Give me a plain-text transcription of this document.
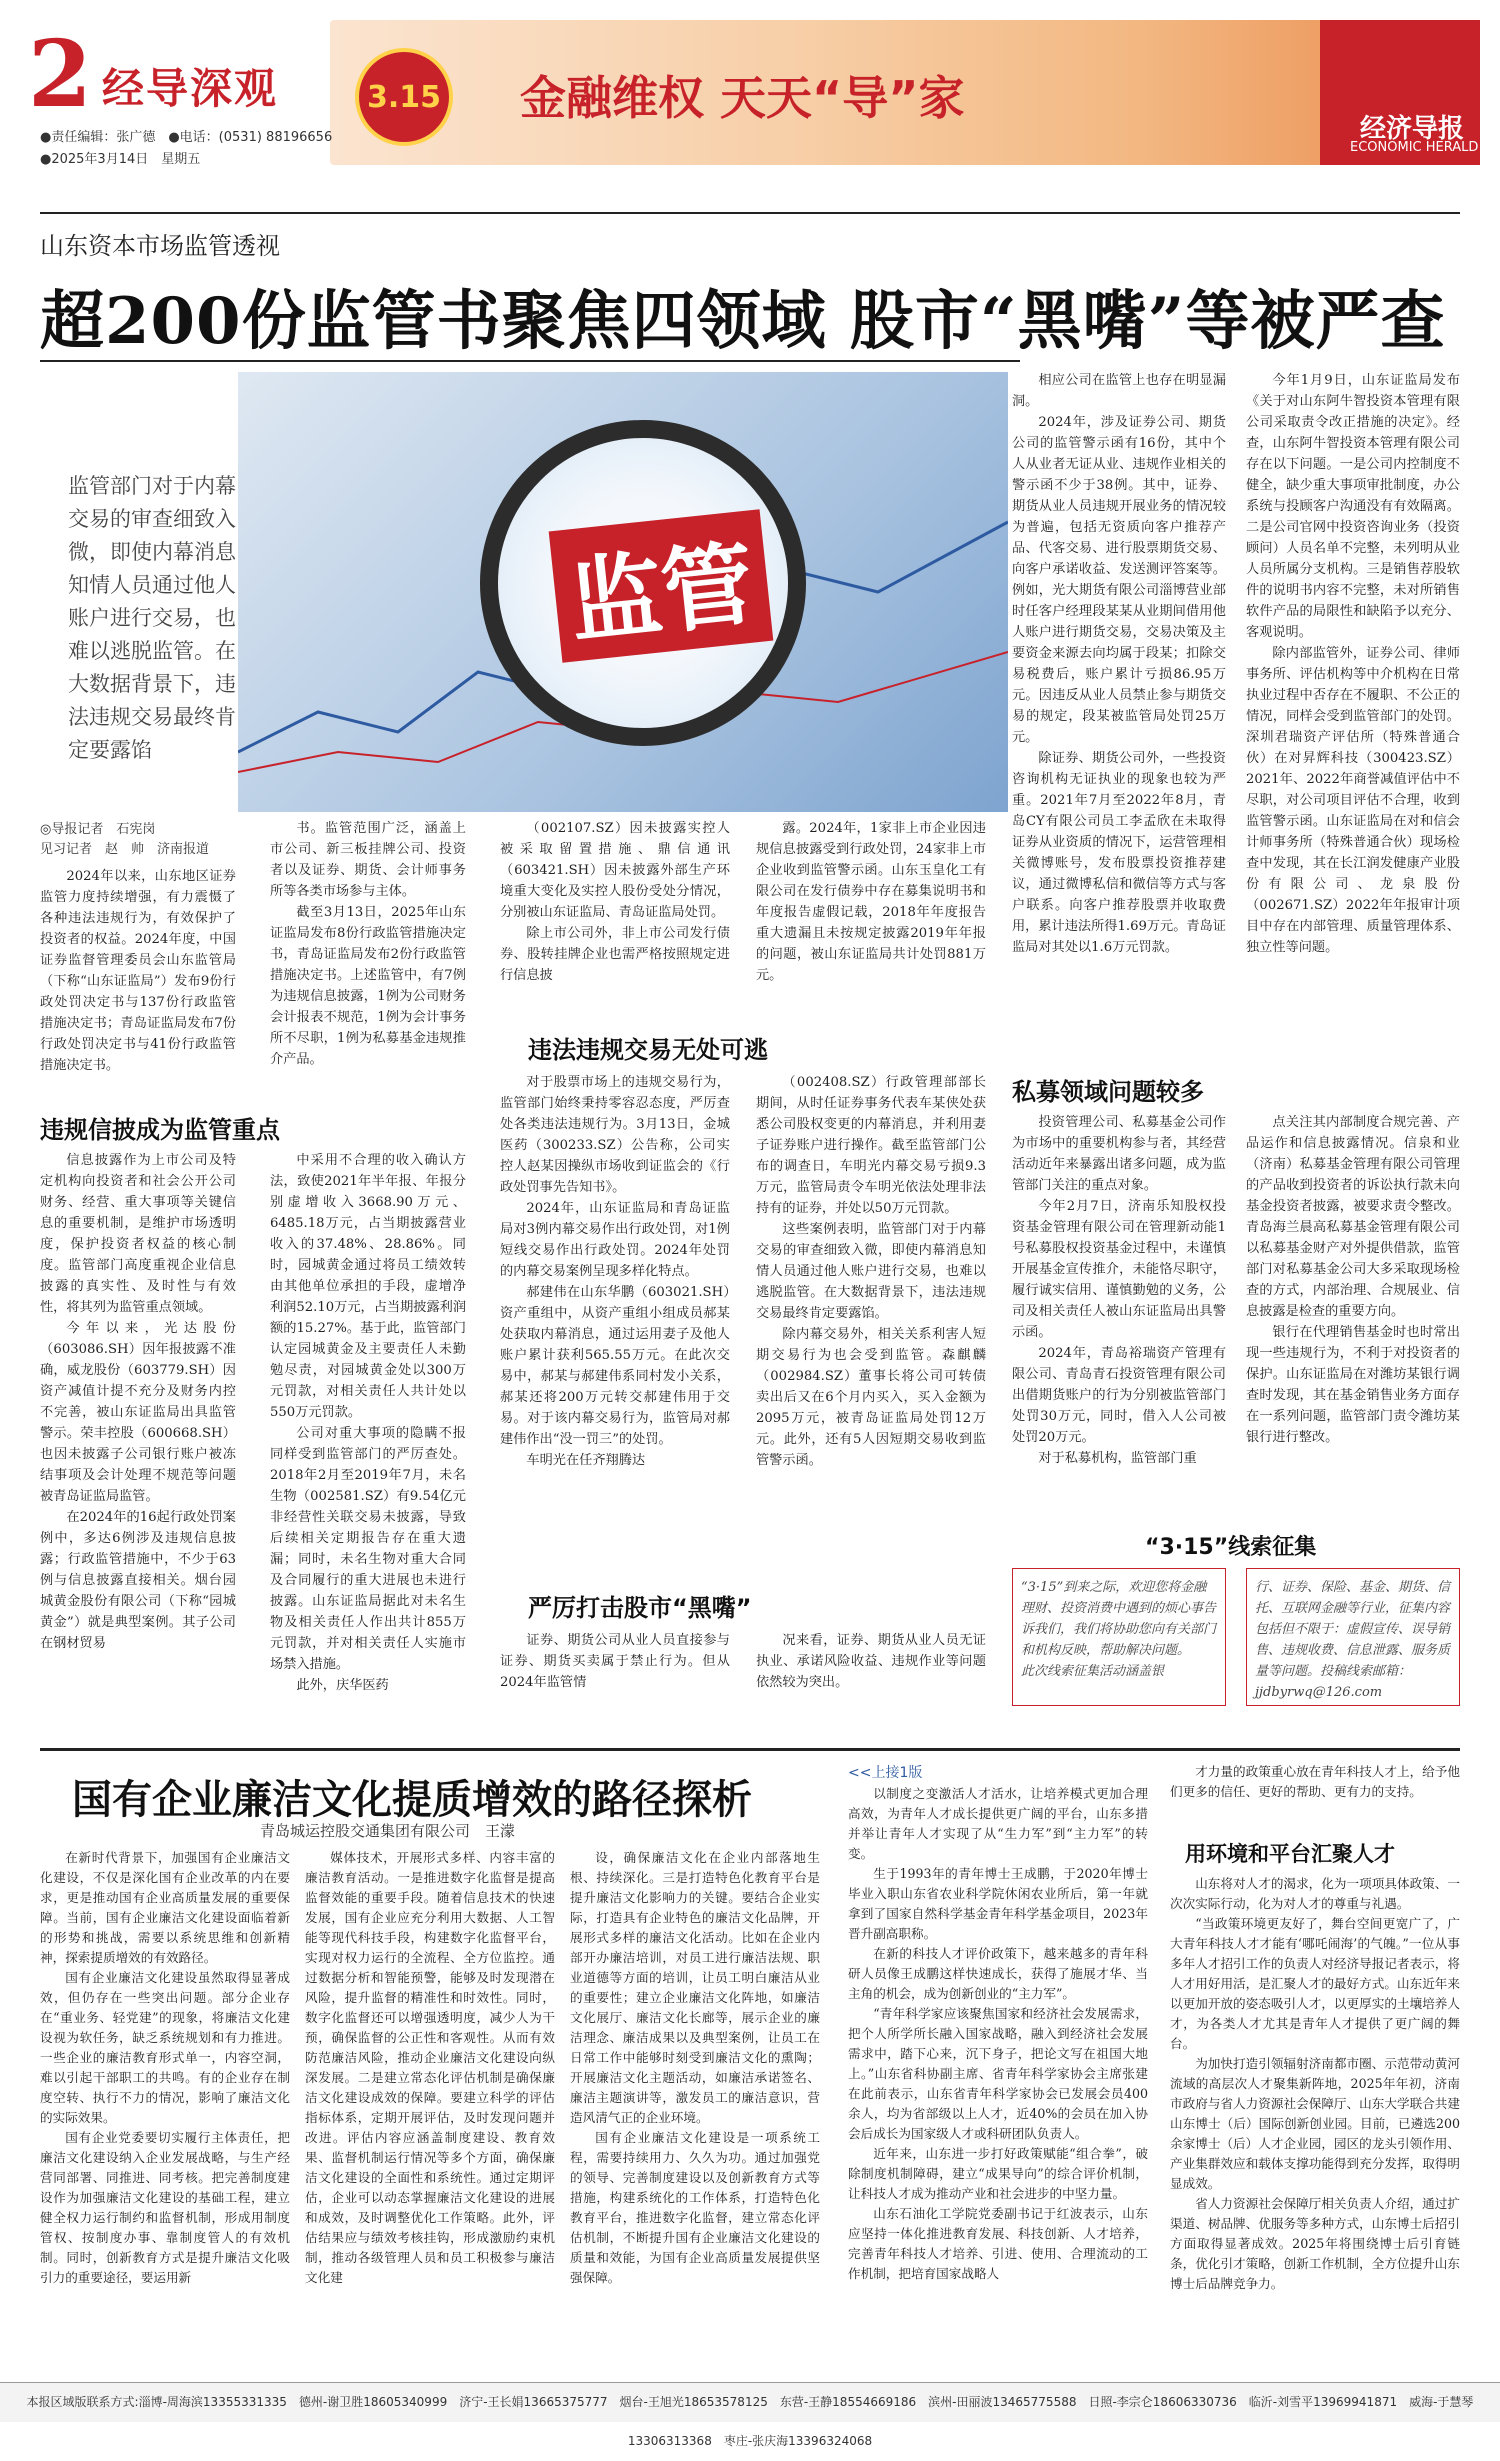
2 经导深观
●责任编辑：张广德　●电话：(0531) 88196656
●2025年3月14日　星期五
3.15 金融维权 天天“导”家
经济导报
ECONOMIC HERALD
山东资本市场监管透视
超200份监管书聚焦四领域 股市“黑嘴”等被严查
监管
监管部门对于内幕交易的审查细致入微，即使内幕消息知情人员通过他人账户进行交易，也难以逃脱监管。在大数据背景下，违法违规交易最终肯定要露馅
◎导报记者　石宪岗
见习记者　赵　帅　济南报道

2024年以来，山东地区证券监管力度持续增强，有力震慑了各种违法违规行为，有效保护了投资者的权益。2024年度，中国证券监督管理委员会山东监管局（下称“山东证监局”）发布9份行政处罚决定书与137份行政监管措施决定书；青岛证监局发布7份行政处罚决定书与41份行政监管措施决定书。

违规信披成为监管重点

信息披露作为上市公司及特定机构向投资者和社会公开公司财务、经营、重大事项等关键信息的重要机制，是维护市场透明度，保护投资者权益的核心制度。监管部门高度重视企业信息披露的真实性、及时性与有效性，将其列为监管重点领域。

今年以来，光达股份（603086.SH）因年报披露不准确，威龙股份（603779.SH）因资产减值计提不充分及财务内控不完善，被山东证监局出具监管警示。荣丰控股（600668.SH）也因未披露子公司银行账户被冻结事项及会计处理不规范等问题被青岛证监局监管。

在2024年的16起行政处罚案例中，多达6例涉及违规信息披露；行政监管措施中，不少于63例与信息披露直接相关。烟台园城黄金股份有限公司（下称“园城黄金”）就是典型案例。其子公司在钢材贸易

书。监管范围广泛，涵盖上市公司、新三板挂牌公司、投资者以及证券、期货、会计师事务所等各类市场参与主体。

截至3月13日，2025年山东证监局发布8份行政监管措施决定书，青岛证监局发布2份行政监管措施决定书。上述监管中，有7例为违规信息披露，1例为公司财务会计报表不规范，1例为会计事务所不尽职，1例为私募基金违规推介产品。

中采用不合理的收入确认方法，致使2021年半年报、年报分别虚增收入3668.90万元、6485.18万元，占当期披露营业收入的37.48%、28.86%。同时，园城黄金通过将员工绩效转由其他单位承担的手段，虚增净利润52.10万元，占当期披露利润额的15.27%。基于此，监管部门认定园城黄金及主要责任人未勤勉尽责，对园城黄金处以300万元罚款，对相关责任人共计处以550万元罚款。

公司对重大事项的隐瞒不报同样受到监管部门的严厉查处。2018年2月至2019年7月，未名生物（002581.SZ）有9.54亿元非经营性关联交易未披露，导致后续相关定期报告存在重大遗漏；同时，未名生物对重大合同及合同履行的重大进展也未进行披露。山东证监局据此对未名生物及相关责任人作出共计855万元罚款，并对相关责任人实施市场禁入措施。

此外，庆华医药

（002107.SZ）因未披露实控人被采取留置措施、鼎信通讯（603421.SH）因未披露外部生产环境重大变化及实控人股份受处分情况，分别被山东证监局、青岛证监局处罚。

除上市公司外，非上市公司发行债券、股转挂牌企业也需严格按照规定进行信息披

违法违规交易无处可逃

对于股票市场上的违规交易行为，监管部门始终秉持零容忍态度，严厉查处各类违法违规行为。3月13日，金城医药（300233.SZ）公告称，公司实控人赵某因操纵市场收到证监会的《行政处罚事先告知书》。

2024年，山东证监局和青岛证监局对3例内幕交易作出行政处罚，对1例短线交易作出行政处罚。2024年处罚的内幕交易案例呈现多样化特点。

郝建伟在山东华鹏（603021.SH）资产重组中，从资产重组小组成员郝某处获取内幕消息，通过运用妻子及他人账户累计获利565.55万元。在此次交易中，郝某与郝建伟系同村发小关系，郝某还将200万元转交郝建伟用于交易。对于该内幕交易行为，监管局对郝建伟作出“没一罚三”的处罚。

车明光在任齐翔腾达

严厉打击股市“黑嘴”

证券、期货公司从业人员直接参与证券、期货买卖属于禁止行为。但从2024年监管情

露。2024年，1家非上市企业因违规信息披露受到行政处罚，24家非上市企业收到监管警示函。山东玉皇化工有限公司在发行债券中存在募集说明书和年度报告虚假记载，2018年年度报告重大遗漏且未按规定披露2019年年报的问题，被山东证监局共计处罚881万元。

（002408.SZ）行政管理部部长期间，从时任证券事务代表车某侠处获悉公司股权变更的内幕消息，并利用妻子证券账户进行操作。截至监管部门公布的调查日，车明光内幕交易亏损9.3万元，监管局责令车明光依法处理非法持有的证券，并处以50万元罚款。

这些案例表明，监管部门对于内幕交易的审查细致入微，即使内幕消息知情人员通过他人账户进行交易，也难以逃脱监管。在大数据背景下，违法违规交易最终肯定要露馅。

除内幕交易外，相关关系利害人短期交易行为也会受到监管。森麒麟（002984.SZ）董事长将公司可转债卖出后又在6个月内买入，买入金额为2095万元，被青岛证监局处罚12万元。此外，还有5人因短期交易收到监管警示函。

况来看，证券、期货从业人员无证执业、承诺风险收益、违规作业等问题依然较为突出。

相应公司在监管上也存在明显漏洞。

2024年，涉及证券公司、期货公司的监管警示函有16份，其中个人从业者无证从业、违规作业相关的警示函不少于38例。其中，证券、期货从业人员违规开展业务的情况较为普遍，包括无资质向客户推荐产品、代客交易、进行股票期货交易、向客户承诺收益、发送测评答案等。例如，光大期货有限公司淄博营业部时任客户经理段某某从业期间借用他人账户进行期货交易，交易决策及主要资金来源去向均属于段某；扣除交易税费后，账户累计亏损86.95万元。因违反从业人员禁止参与期货交易的规定，段某被监管局处罚25万元。

除证券、期货公司外，一些投资咨询机构无证执业的现象也较为严重。2021年7月至2022年8月，青岛CY有限公司员工李孟欣在未取得证券从业资质的情况下，运营管理相关微博账号，发布股票投资推荐建议，通过微博私信和微信等方式与客户联系。向客户推荐股票并收取费用，累计违法所得1.69万元。青岛证监局对其处以1.6万元罚款。

今年1月9日，山东证监局发布《关于对山东阿牛智投资本管理有限公司采取责令改正措施的决定》。经查，山东阿牛智投资本管理有限公司存在以下问题。一是公司内控制度不健全，缺少重大事项审批制度，办公系统与投顾客户沟通没有有效隔离。二是公司官网中投资咨询业务（投资顾问）人员名单不完整，未列明从业人员所属分支机构。三是销售荐股软件的说明书内容不完整，未对所销售软件产品的局限性和缺陷予以充分、客观说明。

除内部监管外，证券公司、律师事务所、评估机构等中介机构在日常执业过程中否存在不履职、不公正的情况，同样会受到监管部门的处罚。深圳君瑞资产评估所（特殊普通合伙）在对昇辉科技（300423.SZ）2021年、2022年商誉减值评估中不尽职，对公司项目评估不合理，收到监管警示函。山东证监局在对和信会计师事务所（特殊普通合伙）现场检查中发现，其在长江润发健康产业股份有限公司、龙泉股份（002671.SZ）2022年年报审计项目中存在内部管理、质量管理体系、独立性等问题。

私募领域问题较多

投资管理公司、私募基金公司作为市场中的重要机构参与者，其经营活动近年来暴露出诸多问题，成为监管部门关注的重点对象。

今年2月7日，济南乐知股权投资基金管理有限公司在管理新动能1号私募股权投资基金过程中，未谨慎开展基金宣传推介，未能恪尽职守，履行诚实信用、谨慎勤勉的义务，公司及相关责任人被山东证监局出具警示函。

2024年，青岛裕瑞资产管理有限公司、青岛青石投资管理有限公司出借期货账户的行为分别被监管部门处罚30万元，同时，借入人公司被处罚20万元。

对于私募机构，监管部门重

点关注其内部制度合规完善、产品运作和信息披露情况。信泉和业（济南）私募基金管理有限公司管理的产品收到投资者的诉讼执行款未向基金投资者披露，被要求责令整改。青岛海兰晨高私募基金管理有限公司以私募基金财产对外提供借款，监管部门对私募基金公司大多采取现场检查的方式，内部治理、合规展业、信息披露是检查的重要方向。

银行在代理销售基金时也时常出现一些违规行为，不利于对投资者的保护。山东证监局在对潍坊某银行调查时发现，其在基金销售业务方面存在一系列问题，监管部门责令潍坊某银行进行整改。

“3·15”线索征集
“3·15”到来之际，欢迎您将金融理财、投资消费中遇到的烦心事告诉我们，我们将协助您向有关部门和机构反映，帮助解决问题。　　此次线索征集活动涵盖银
行、证券、保险、基金、期货、信托、互联网金融等行业，征集内容包括但不限于：虚假宣传、误导销售、违规收费、信息泄露、服务质量等问题。投稿线索邮箱：jjdbyrwq@126.com
国有企业廉洁文化提质增效的路径探析
青岛城运控股交通集团有限公司　王濛

在新时代背景下，加强国有企业廉洁文化建设，不仅是深化国有企业改革的内在要求，更是推动国有企业高质量发展的重要保障。当前，国有企业廉洁文化建设面临着新的形势和挑战，需要以系统思维和创新精神，探索提质增效的有效路径。

国有企业廉洁文化建设虽然取得显著成效，但仍存在一些突出问题。部分企业存在“重业务、轻党建”的现象，将廉洁文化建设视为软任务，缺乏系统规划和有力推进。一些企业的廉洁教育形式单一，内容空洞，难以引起干部职工的共鸣。有的企业存在制度空转、执行不力的情况，影响了廉洁文化的实际效果。

国有企业党委要切实履行主体责任，把廉洁文化建设纳入企业发展战略，与生产经营同部署、同推进、同考核。把完善制度建设作为加强廉洁文化建设的基础工程，建立健全权力运行制约和监督机制，形成用制度管权、按制度办事、靠制度管人的有效机制。同时，创新教育方式是提升廉洁文化吸引力的重要途径，要运用新

媒体技术，开展形式多样、内容丰富的廉洁教育活动。一是推进数字化监督是提高监督效能的重要手段。随着信息技术的快速发展，国有企业应充分利用大数据、人工智能等现代科技手段，构建数字化监督平台，实现对权力运行的全流程、全方位监控。通过数据分析和智能预警，能够及时发现潜在风险，提升监督的精准性和时效性。同时，数字化监督还可以增强透明度，减少人为干预，确保监督的公正性和客观性。从而有效防范廉洁风险，推动企业廉洁文化建设向纵深发展。二是建立常态化评估机制是确保廉洁文化建设成效的保障。要建立科学的评估指标体系，定期开展评估，及时发现问题并改进。评估内容应涵盖制度建设、教育效果、监督机制运行情况等多个方面，确保廉洁文化建设的全面性和系统性。通过定期评估，企业可以动态掌握廉洁文化建设的进展和成效，及时调整优化工作策略。此外，评估结果应与绩效考核挂钩，形成激励约束机制，推动各级管理人员和员工积极参与廉洁文化建

设，确保廉洁文化在企业内部落地生根、持续深化。三是打造特色化教育平台是提升廉洁文化影响力的关键。要结合企业实际，打造具有企业特色的廉洁文化品牌，开展形式多样的廉洁文化活动。比如在企业内部开办廉洁培训，对员工进行廉洁法规、职业道德等方面的培训，让员工明白廉洁从业的重要性；建立企业廉洁文化阵地，如廉洁文化展厅、廉洁文化长廊等，展示企业的廉洁理念、廉洁成果以及典型案例，让员工在日常工作中能够时刻受到廉洁文化的熏陶；开展廉洁文化主题活动，如廉洁承诺签名、廉洁主题演讲等，激发员工的廉洁意识，营造风清气正的企业环境。

国有企业廉洁文化建设是一项系统工程，需要持续用力、久久为功。通过加强党的领导、完善制度建设以及创新教育方式等措施，构建系统化的工作体系，打造特色化教育平台，推进数字化监督，建立常态化评估机制，不断提升国有企业廉洁文化建设的质量和效能，为国有企业高质量发展提供坚强保障。

<<上接1版

以制度之变激活人才活水，让培养模式更加合理高效，为青年人才成长提供更广阔的平台，山东多措并举让青年人才实现了从“生力军”到“主力军”的转变。

生于1993年的青年博士王成鹏，于2020年博士毕业入职山东省农业科学院休闲农业所后，第一年就拿到了国家自然科学基金青年科学基金项目，2023年晋升副高职称。

在新的科技人才评价政策下，越来越多的青年科研人员像王成鹏这样快速成长，获得了施展才华、当主角的机会，成为创新创业的“主力军”。

“青年科学家应该聚焦国家和经济社会发展需求，把个人所学所长融入国家战略，融入到经济社会发展需求中，踏下心来，沉下身子，把论文写在祖国大地上。”山东省科协副主席、省青年科学家协会主席张建在此前表示，山东省青年科学家协会已发展会员400余人，均为省部级以上人才，近40%的会员在加入协会后成长为国家级人才或科研团队负责人。

近年来，山东进一步打好政策赋能“组合拳”，破除制度机制障碍，建立“成果导向”的综合评价机制，让科技人才成为推动产业和社会进步的中坚力量。

山东石油化工学院党委副书记于红波表示，山东应坚持一体化推进教育发展、科技创新、人才培养，完善青年科技人才培养、引进、使用、合理流动的工作机制，把培育国家战略人

才力量的政策重心放在青年科技人才上，给予他们更多的信任、更好的帮助、更有力的支持。

用环境和平台汇聚人才

山东将对人才的渴求，化为一项项具体政策、一次次实际行动，化为对人才的尊重与礼遇。

“当政策环境更友好了，舞台空间更宽广了，广大青年科技人才才能有‘哪吒闹海’的气魄。”一位从事多年人才招引工作的负责人对经济导报记者表示，将人才用好用活，是汇聚人才的最好方式。山东近年来以更加开放的姿态吸引人才，以更厚实的土壤培养人才，为各类人才尤其是青年人才提供了更广阔的舞台。

为加快打造引领辐射济南都市圈、示范带动黄河流域的高层次人才聚集新阵地，2025年年初，济南市政府与省人力资源社会保障厅、山东大学联合共建山东博士（后）国际创新创业园。目前，已遴选200余家博士（后）人才企业园，园区的龙头引领作用、产业集群效应和载体支撑功能得到充分发挥，取得明显成效。

省人力资源社会保障厅相关负责人介绍，通过扩渠道、树品牌、优服务等多种方式，山东博士后招引方面取得显著成效。2025年将围绕博士后引育链条，优化引才策略，创新工作机制，全方位提升山东博士后品牌竞争力。

本报区域版联系方式:淄博-周海滨13355331335　德州-谢卫胜18605340999　济宁-王长娟13665375777　烟台-王旭光18653578125　东营-王静18554669186　滨州-田丽波13465775588　日照-李宗仑18606330736　临沂-刘雪平13969941871　威海-于慧琴13306313368　枣庄-张庆海13396324068
